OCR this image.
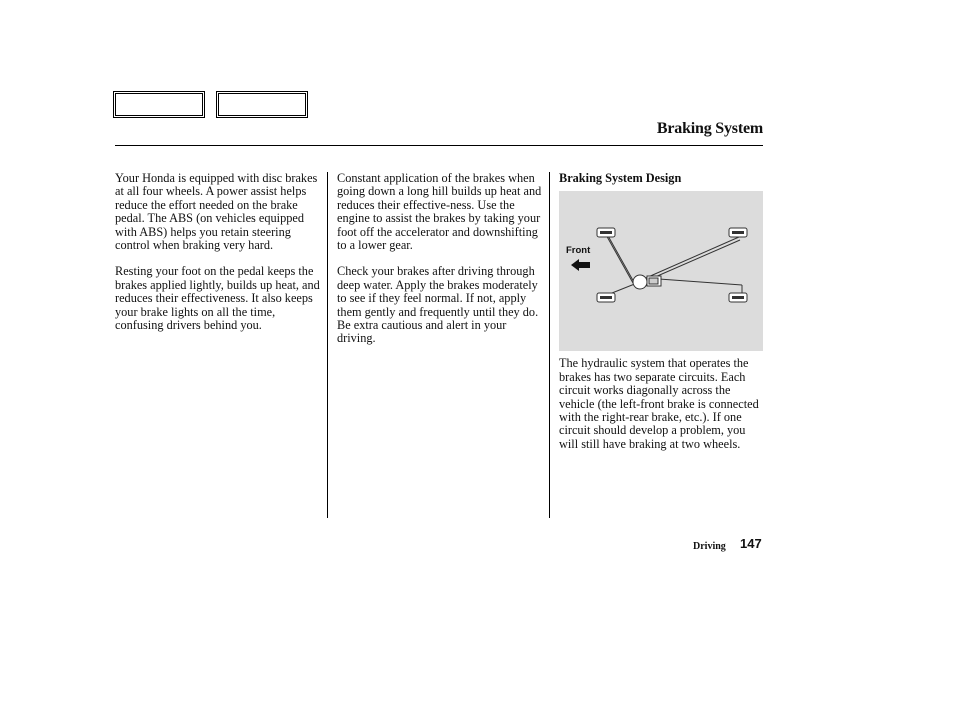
Braking System

Your Honda is equipped with disc brakes at all four wheels. A power assist helps reduce the effort needed on the brake pedal. The ABS (on vehicles equipped with ABS) helps you retain steering control when braking very hard.

Resting your foot on the pedal keeps the brakes applied lightly, builds up heat, and reduces their effectiveness. It also keeps your brake lights on all the time, confusing drivers behind you.

Constant application of the brakes when going down a long hill builds up heat and reduces their effective-ness. Use the engine to assist the brakes by taking your foot off the accelerator and downshifting to a lower gear.

Check your brakes after driving through deep water. Apply the brakes moderately to see if they feel normal. If not, apply them gently and frequently until they do. Be extra cautious and alert in your driving.

Braking System Design

Front

The hydraulic system that operates the brakes has two separate circuits. Each circuit works diagonally across the vehicle (the left-front brake is connected with the right-rear brake, etc.). If one circuit should develop a problem, you will still have braking at two wheels.

Driving 147
